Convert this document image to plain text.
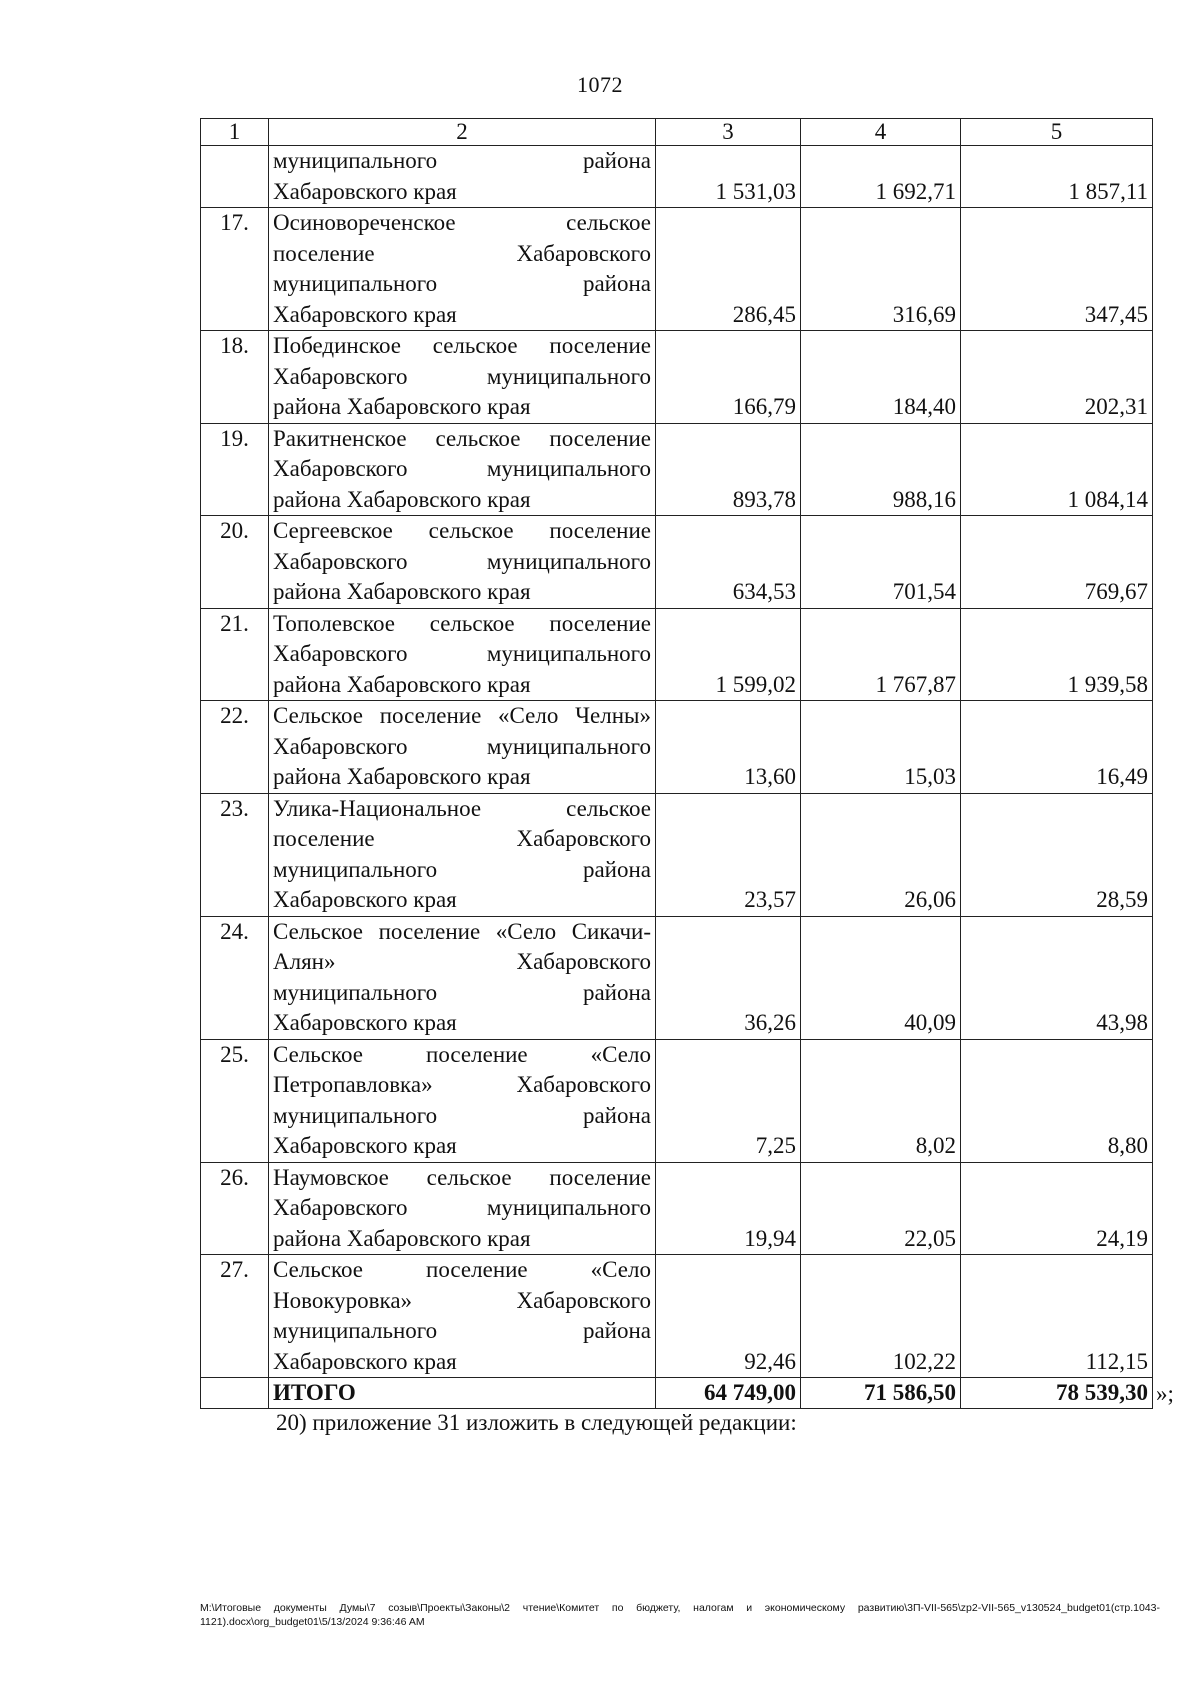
1072
1	2	3	4	5

	муниципального района
Хабаровского края	1 531,03	1 692,71	1 857,11
17.	Осиновореченское сельское
поселение Хабаровского
муниципального района
Хабаровского края	286,45	316,69	347,45
18.	Побединское сельское поселение
Хабаровского муниципального
района Хабаровского края	166,79	184,40	202,31
19.	Ракитненское сельское поселение
Хабаровского муниципального
района Хабаровского края	893,78	988,16	1 084,14
20.	Сергеевское сельское поселение
Хабаровского муниципального
района Хабаровского края	634,53	701,54	769,67
21.	Тополевское сельское поселение
Хабаровского муниципального
района Хабаровского края	1 599,02	1 767,87	1 939,58
22.	Сельское поселение «Село Челны»
Хабаровского муниципального
района Хабаровского края	13,60	15,03	16,49
23.	Улика-Национальное сельское
поселение Хабаровского
муниципального района
Хабаровского края	23,57	26,06	28,59
24.	Сельское поселение «Село Сикачи-
Алян» Хабаровского
муниципального района
Хабаровского края	36,26	40,09	43,98
25.	Сельское поселение «Село
Петропавловка» Хабаровского
муниципального района
Хабаровского края	7,25	8,02	8,80
26.	Наумовское сельское поселение
Хабаровского муниципального
района Хабаровского края	19,94	22,05	24,19
27.	Сельское поселение «Село
Новокуровка» Хабаровского
муниципального района
Хабаровского края	92,46	102,22	112,15
	ИТОГО	64 749,00	71 586,50	78 539,30 »;
20) приложение 31 изложить в следующей редакции:
M:\Итоговые документы Думы\7 созыв\Проекты\Законы\2 чтение\Комитет по бюджету, налогам и экономическому развитию\3П-VII-565\zp2-VII-565_v130524_budget01(стр.1043-1121).docx\org_budget01\5/13/2024 9:36:46 AM
